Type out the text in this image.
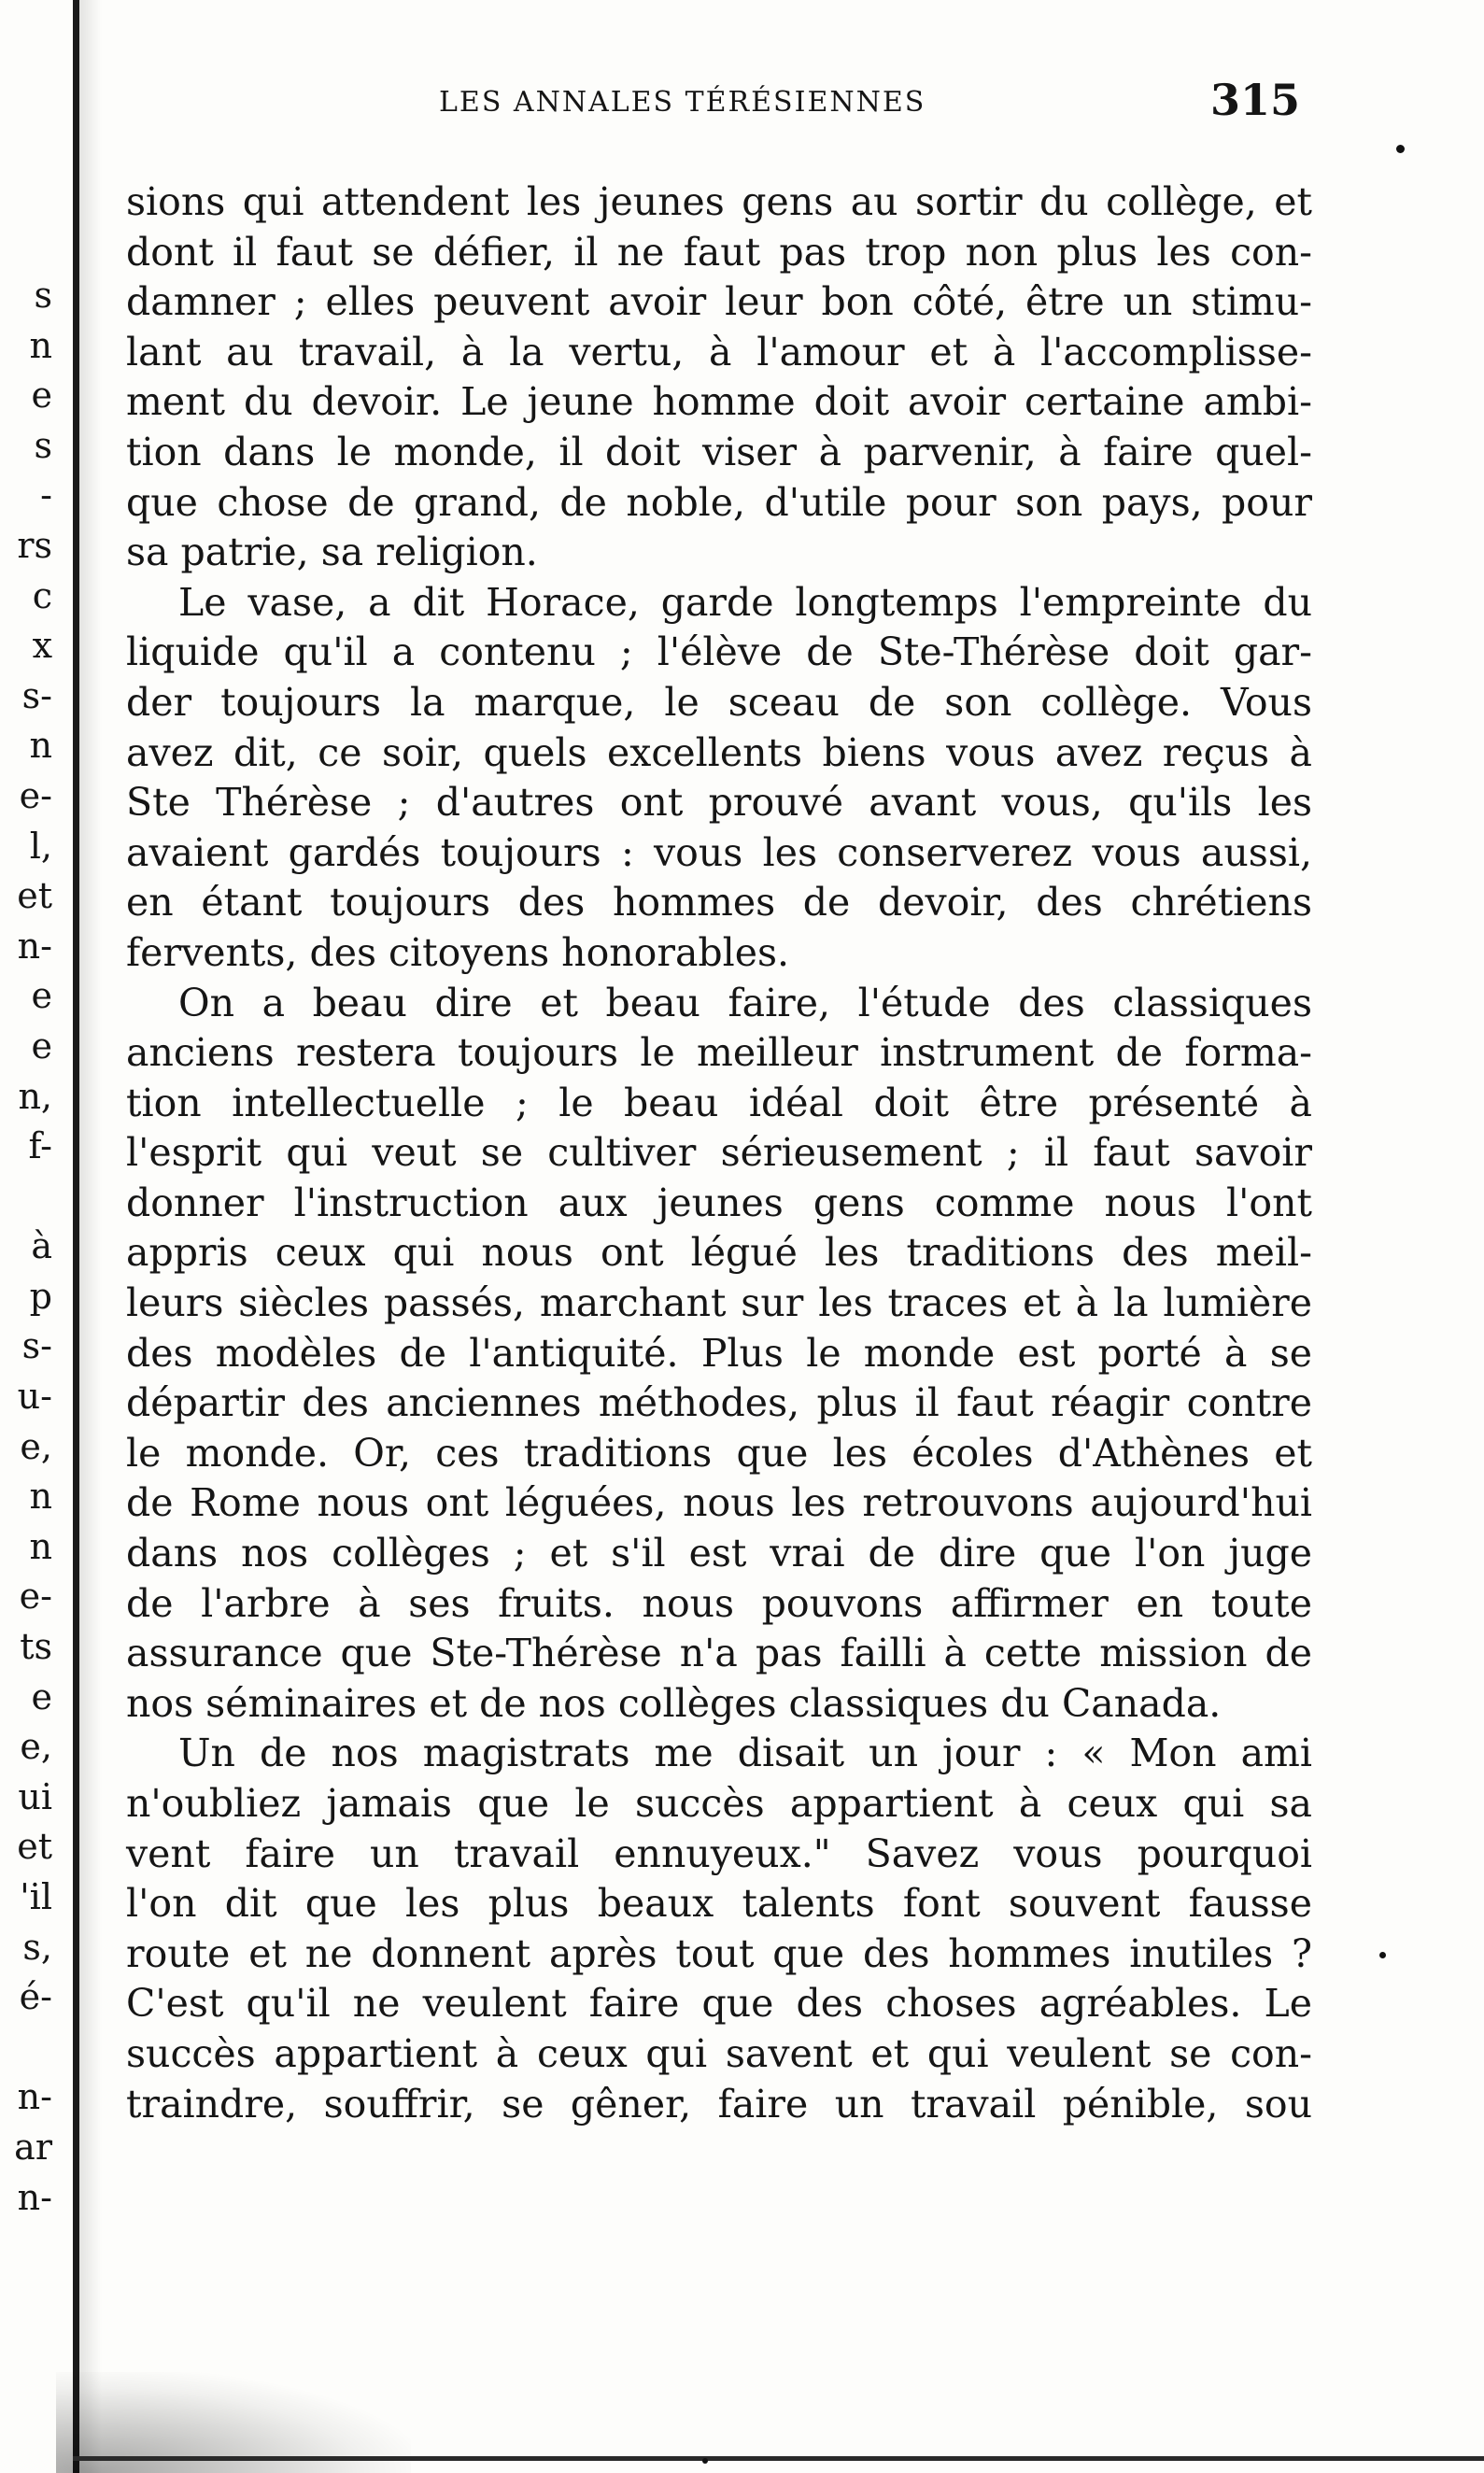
s
n
e
s
-
rs
c
x
s-
n
e-
l,
et
n-
e
e
n,
f-
à
p
s-
u-
e,
n
n
e-
ts
e
e,
ui
et
'il
s,
é-
n-
ar
n-
LES ANNALES TÉRÉSIENNES	315
sions qui attendent les jeunes gens au sortir du collège, et
dont il faut se défier, il ne faut pas trop non plus les con-
damner ; elles peuvent avoir leur bon côté, être un stimu-
lant au travail, à la vertu, à l'amour et à l'accomplisse-
ment du devoir. Le jeune homme doit avoir certaine ambi-
tion dans le monde, il doit viser à parvenir, à faire quel-
que chose de grand, de noble, d'utile pour son pays, pour
sa patrie, sa religion.
Le vase, a dit Horace, garde longtemps l'empreinte du
liquide qu'il a contenu ; l'élève de Ste-Thérèse doit gar-
der toujours la marque, le sceau de son collège. Vous
avez dit, ce soir, quels excellents biens vous avez reçus à
Ste Thérèse ; d'autres ont prouvé avant vous, qu'ils les
avaient gardés toujours : vous les conserverez vous aussi,
en étant toujours des hommes de devoir, des chrétiens
fervents, des citoyens honorables.
On a beau dire et beau faire, l'étude des classiques
anciens restera toujours le meilleur instrument de forma-
tion intellectuelle ; le beau idéal doit être présenté à
l'esprit qui veut se cultiver sérieusement ; il faut savoir
donner l'instruction aux jeunes gens comme nous l'ont
appris ceux qui nous ont légué les traditions des meil-
leurs siècles passés, marchant sur les traces et à la lumière
des modèles de l'antiquité. Plus le monde est porté à se
départir des anciennes méthodes, plus il faut réagir contre
le monde. Or, ces traditions que les écoles d'Athènes et
de Rome nous ont léguées, nous les retrouvons aujourd'hui
dans nos collèges ; et s'il est vrai de dire que l'on juge
de l'arbre à ses fruits. nous pouvons affirmer en toute
assurance que Ste-Thérèse n'a pas failli à cette mission de
nos séminaires et de nos collèges classiques du Canada.
Un de nos magistrats me disait un jour : « Mon ami
n'oubliez jamais que le succès appartient à ceux qui sa
vent faire un travail ennuyeux." Savez vous pourquoi
l'on dit que les plus beaux talents font souvent fausse
route et ne donnent après tout que des hommes inutiles ?
C'est qu'il ne veulent faire que des choses agréables. Le
succès appartient à ceux qui savent et qui veulent se con-
traindre, souffrir, se gêner, faire un travail pénible, sou
